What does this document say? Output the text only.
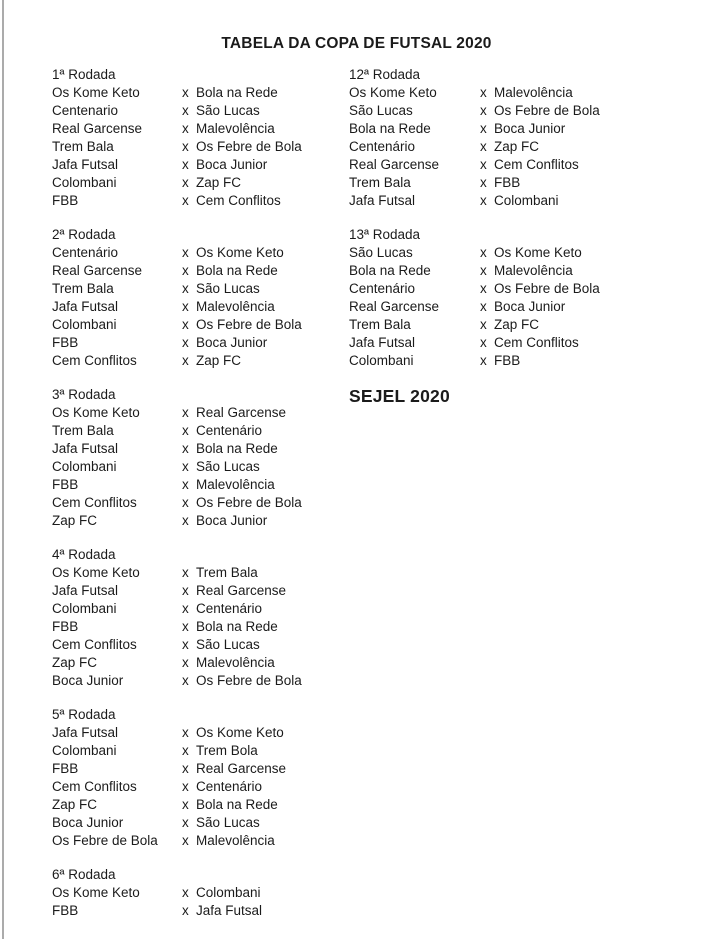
TABELA DA COPA DE FUTSAL 2020
1ª Rodada
Os Kome Keto	x Bola na Rede
Centenario	x São Lucas
Real Garcense	x Malevolência
Trem Bala	x Os Febre de Bola
Jafa Futsal	x Boca Junior
Colombani	x Zap FC
FBB	x Cem Conflitos
2ª Rodada
Centenário	x Os Kome Keto
Real Garcense	x Bola na Rede
Trem Bala	x São Lucas
Jafa Futsal	x Malevolência
Colombani	x Os Febre de Bola
FBB	x Boca Junior
Cem Conflitos	x Zap FC
3ª Rodada
Os Kome Keto	x Real Garcense
Trem Bala	x Centenário
Jafa Futsal	x Bola na Rede
Colombani	x São Lucas
FBB	x Malevolência
Cem Conflitos	x Os Febre de Bola
Zap FC	x Boca Junior
4ª Rodada
Os Kome Keto	x Trem Bala
Jafa Futsal	x Real Garcense
Colombani	x Centenário
FBB	x Bola na Rede
Cem Conflitos	x São Lucas
Zap FC	x Malevolência
Boca Junior	x Os Febre de Bola
5ª Rodada
Jafa Futsal	x Os Kome Keto
Colombani	x Trem Bola
FBB	x Real Garcense
Cem Conflitos	x Centenário
Zap FC	x Bola na Rede
Boca Junior	x São Lucas
Os Febre de Bola	x Malevolência
6ª Rodada
Os Kome Keto	x Colombani
FBB	x Jafa Futsal
12ª Rodada
Os Kome Keto	x Malevolência
São Lucas	x Os Febre de Bola
Bola na Rede	x Boca Junior
Centenário	x Zap FC
Real Garcense	x Cem Conflitos
Trem Bala	x FBB
Jafa Futsal	x Colombani
13ª Rodada
São Lucas	x Os Kome Keto
Bola na Rede	x Malevolência
Centenário	x Os Febre de Bola
Real Garcense	x Boca Junior
Trem Bala	x Zap FC
Jafa Futsal	x Cem Conflitos
Colombani	x FBB
SEJEL 2020
